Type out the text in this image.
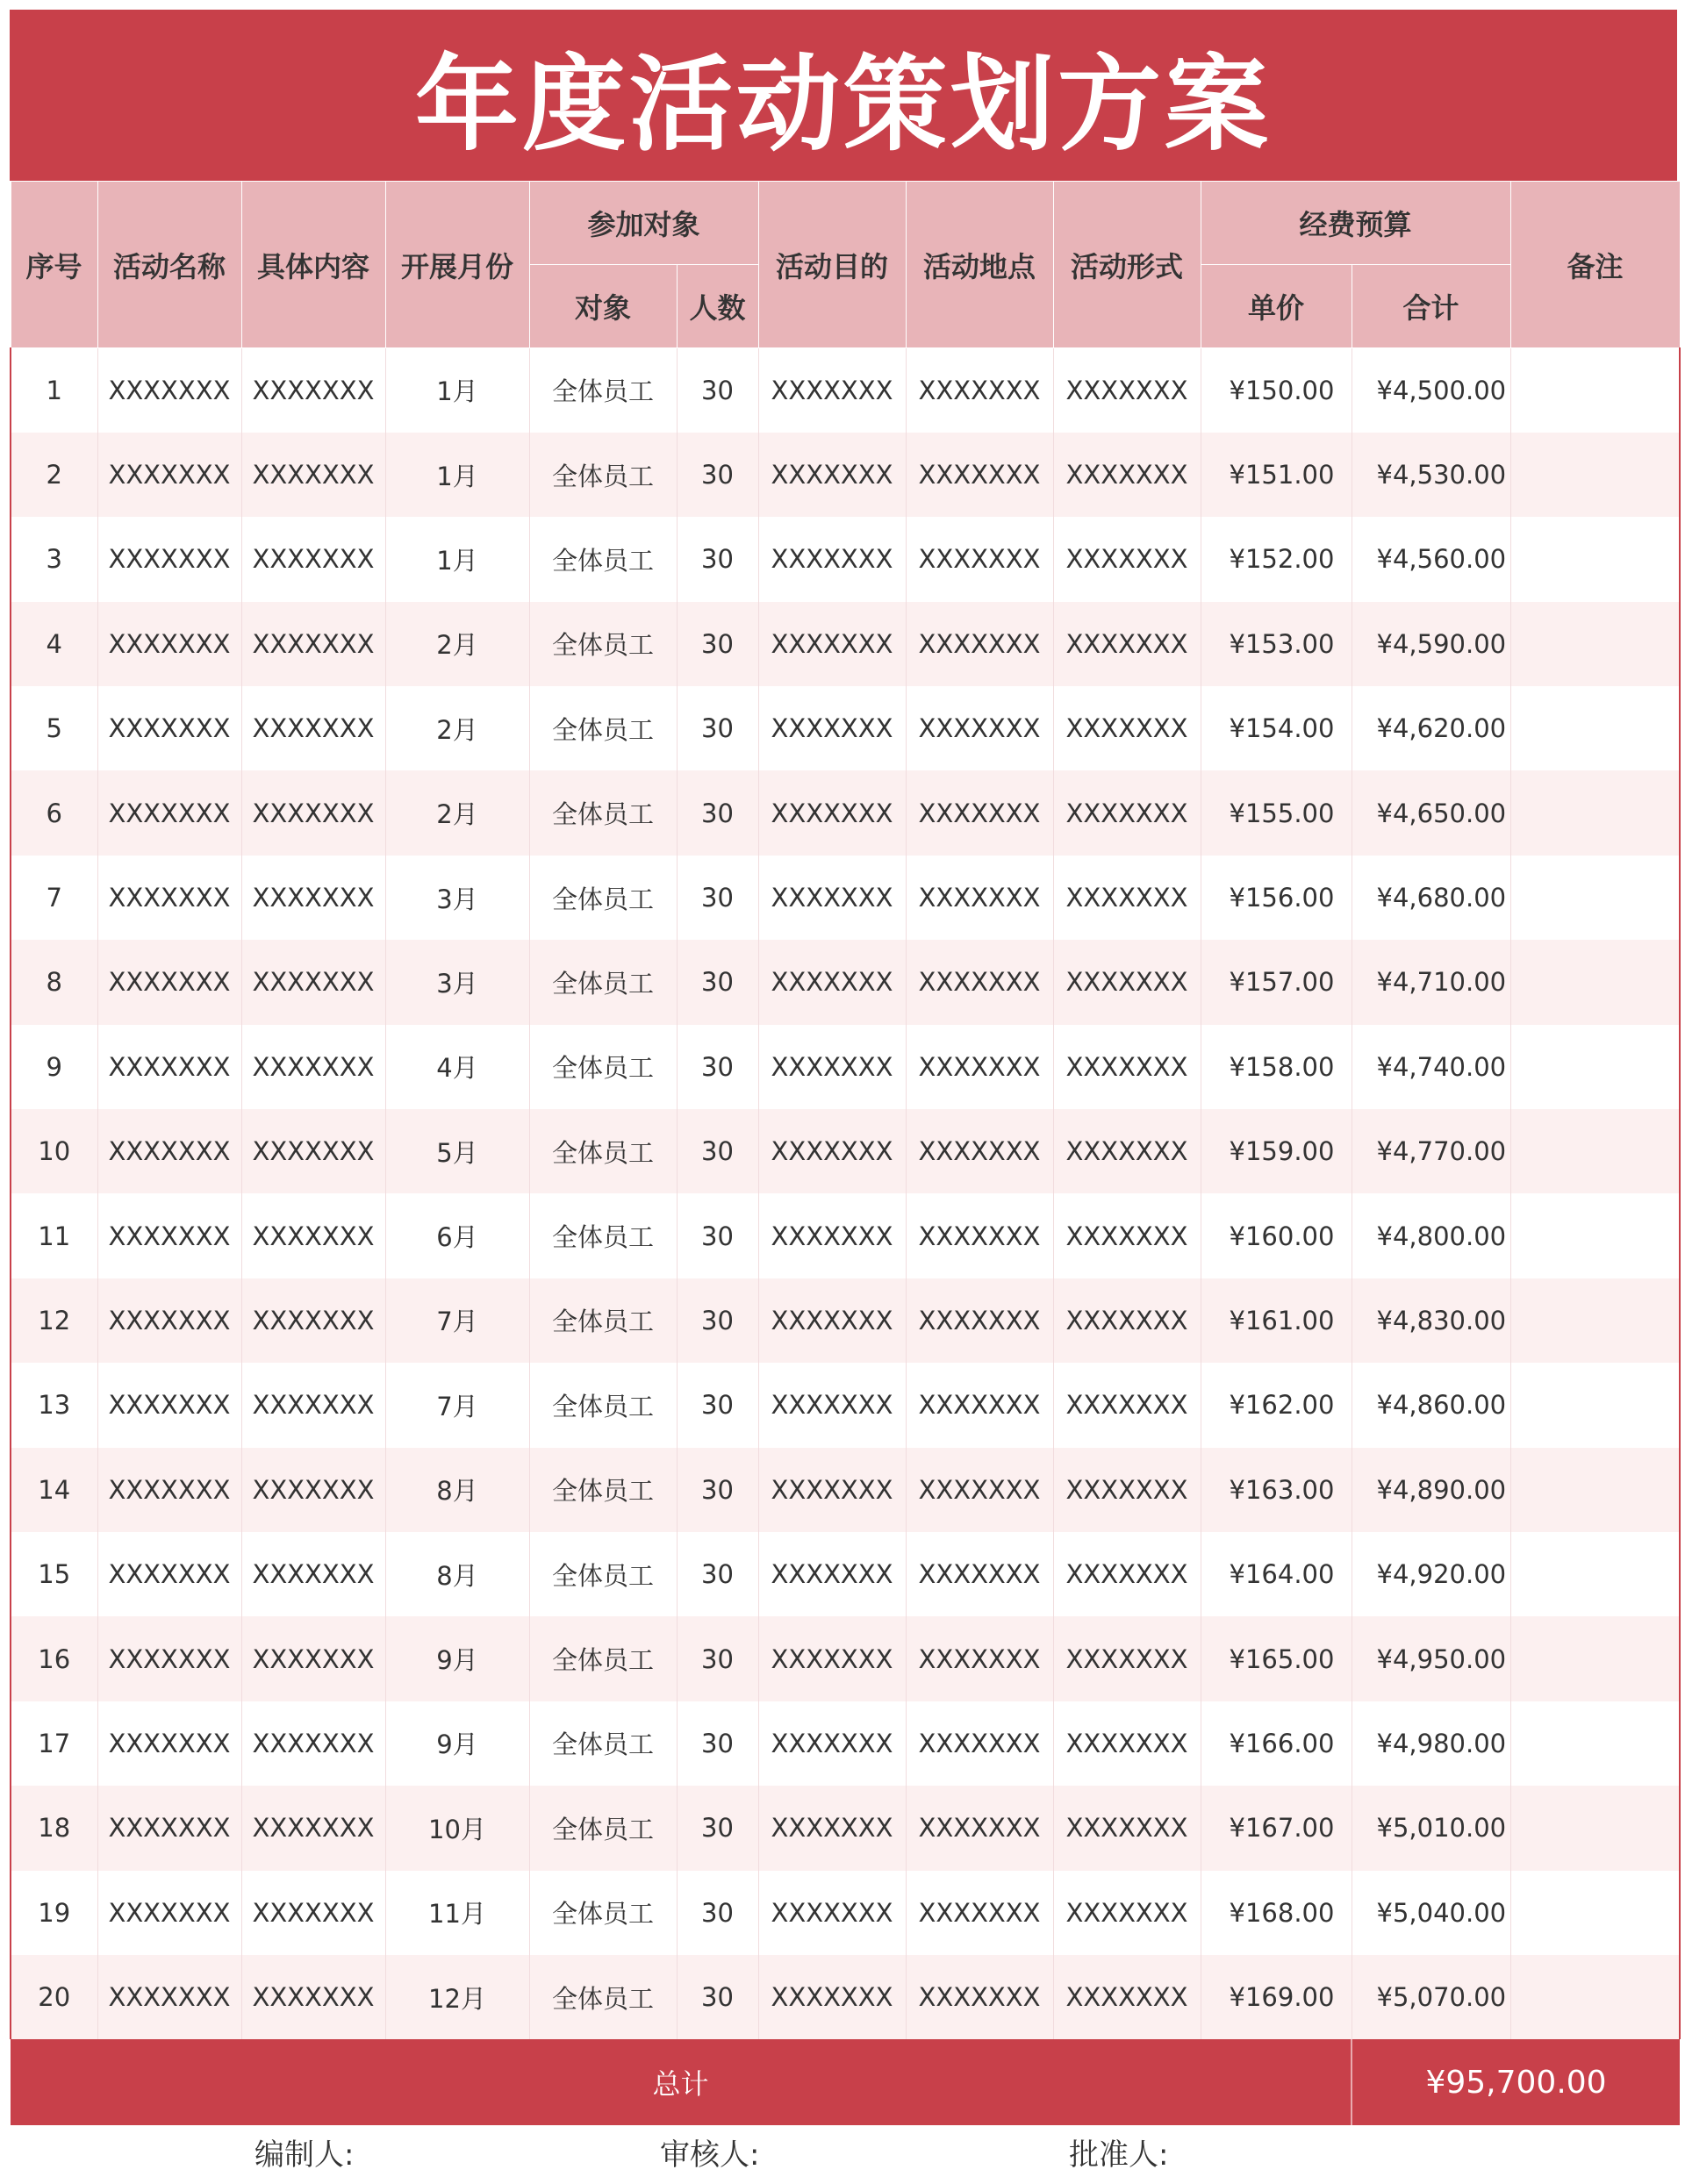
年度活动策划方案
序号	活动名称	具体内容	开展月份	参加对象		活动目的	活动地点	活动形式	经费预算		备注
				对象	人数				单价	合计	
1	XXXXXXX	XXXXXXX	1月	全体员工	30	XXXXXXX	XXXXXXX	XXXXXXX	¥150.00	¥4,500.00	
2	XXXXXXX	XXXXXXX	1月	全体员工	30	XXXXXXX	XXXXXXX	XXXXXXX	¥151.00	¥4,530.00	
3	XXXXXXX	XXXXXXX	1月	全体员工	30	XXXXXXX	XXXXXXX	XXXXXXX	¥152.00	¥4,560.00	
4	XXXXXXX	XXXXXXX	2月	全体员工	30	XXXXXXX	XXXXXXX	XXXXXXX	¥153.00	¥4,590.00	
5	XXXXXXX	XXXXXXX	2月	全体员工	30	XXXXXXX	XXXXXXX	XXXXXXX	¥154.00	¥4,620.00	
6	XXXXXXX	XXXXXXX	2月	全体员工	30	XXXXXXX	XXXXXXX	XXXXXXX	¥155.00	¥4,650.00	
7	XXXXXXX	XXXXXXX	3月	全体员工	30	XXXXXXX	XXXXXXX	XXXXXXX	¥156.00	¥4,680.00	
8	XXXXXXX	XXXXXXX	3月	全体员工	30	XXXXXXX	XXXXXXX	XXXXXXX	¥157.00	¥4,710.00	
9	XXXXXXX	XXXXXXX	4月	全体员工	30	XXXXXXX	XXXXXXX	XXXXXXX	¥158.00	¥4,740.00	
10	XXXXXXX	XXXXXXX	5月	全体员工	30	XXXXXXX	XXXXXXX	XXXXXXX	¥159.00	¥4,770.00	
11	XXXXXXX	XXXXXXX	6月	全体员工	30	XXXXXXX	XXXXXXX	XXXXXXX	¥160.00	¥4,800.00	
12	XXXXXXX	XXXXXXX	7月	全体员工	30	XXXXXXX	XXXXXXX	XXXXXXX	¥161.00	¥4,830.00	
13	XXXXXXX	XXXXXXX	7月	全体员工	30	XXXXXXX	XXXXXXX	XXXXXXX	¥162.00	¥4,860.00	
14	XXXXXXX	XXXXXXX	8月	全体员工	30	XXXXXXX	XXXXXXX	XXXXXXX	¥163.00	¥4,890.00	
15	XXXXXXX	XXXXXXX	8月	全体员工	30	XXXXXXX	XXXXXXX	XXXXXXX	¥164.00	¥4,920.00	
16	XXXXXXX	XXXXXXX	9月	全体员工	30	XXXXXXX	XXXXXXX	XXXXXXX	¥165.00	¥4,950.00	
17	XXXXXXX	XXXXXXX	9月	全体员工	30	XXXXXXX	XXXXXXX	XXXXXXX	¥166.00	¥4,980.00	
18	XXXXXXX	XXXXXXX	10月	全体员工	30	XXXXXXX	XXXXXXX	XXXXXXX	¥167.00	¥5,010.00	
19	XXXXXXX	XXXXXXX	11月	全体员工	30	XXXXXXX	XXXXXXX	XXXXXXX	¥168.00	¥5,040.00	
20	XXXXXXX	XXXXXXX	12月	全体员工	30	XXXXXXX	XXXXXXX	XXXXXXX	¥169.00	¥5,070.00	
总计										¥95,700.00	
编制人:	审核人:	批准人:
